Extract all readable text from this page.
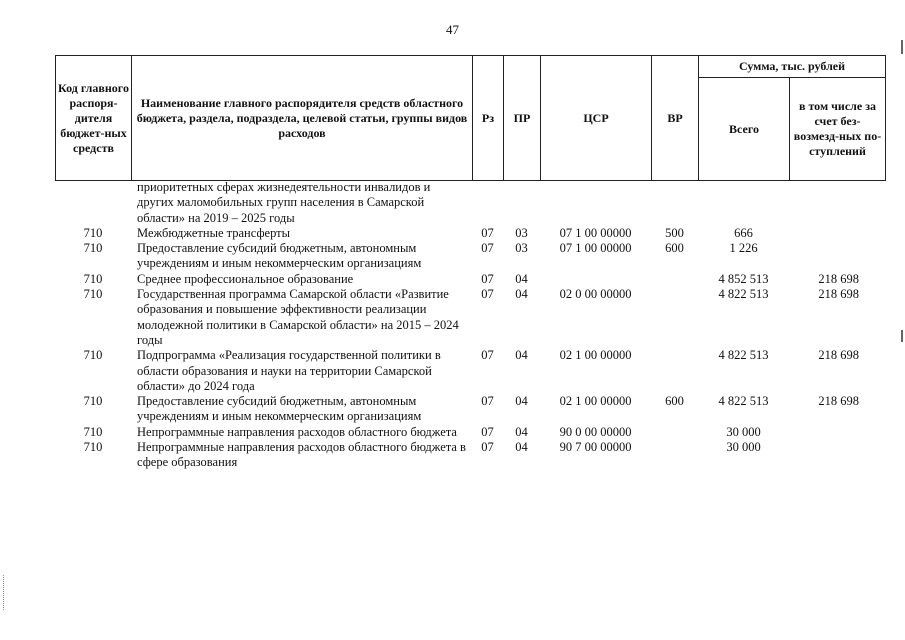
47
Код главного распоря-дителя бюджет-ных средств	Наименование главного распорядителя средств областного бюджета, раздела, подраздела, целевой статьи, группы видов расходов	Рз	ПР	ЦСР	ВР	Сумма, тыс. рублей	
						Всего	в том числе за счет без-возмезд-ных по-ступлений
	приоритетных сферах жизнедеятельности инвалидов и других маломобильных групп населения в Самарской области» на 2019 – 2025 годы						
710	Межбюджетные трансферты	07	03	07 1 00 00000	500	666	
710	Предоставление субсидий бюджетным, автономным учреждениям и иным некоммерческим организациям	07	03	07 1 00 00000	600	1 226	
710	Среднее профессиональное образование	07	04			4 852 513	218 698
710	Государственная программа Самарской области «Развитие образования и повышение эффективности реализации молодежной политики в Самарской области» на 2015 – 2024 годы	07	04	02 0 00 00000		4 822 513	218 698
710	Подпрограмма «Реализация государственной политики в области образования и науки на территории Самарской области» до 2024 года	07	04	02 1 00 00000		4 822 513	218 698
710	Предоставление субсидий бюджетным, автономным учреждениям и иным некоммерческим организациям	07	04	02 1 00 00000	600	4 822 513	218 698
710	Непрограммные направления расходов областного бюджета	07	04	90 0 00 00000		30 000	
710	Непрограммные направления расходов областного бюджета в сфере образования	07	04	90 7 00 00000		30 000	
